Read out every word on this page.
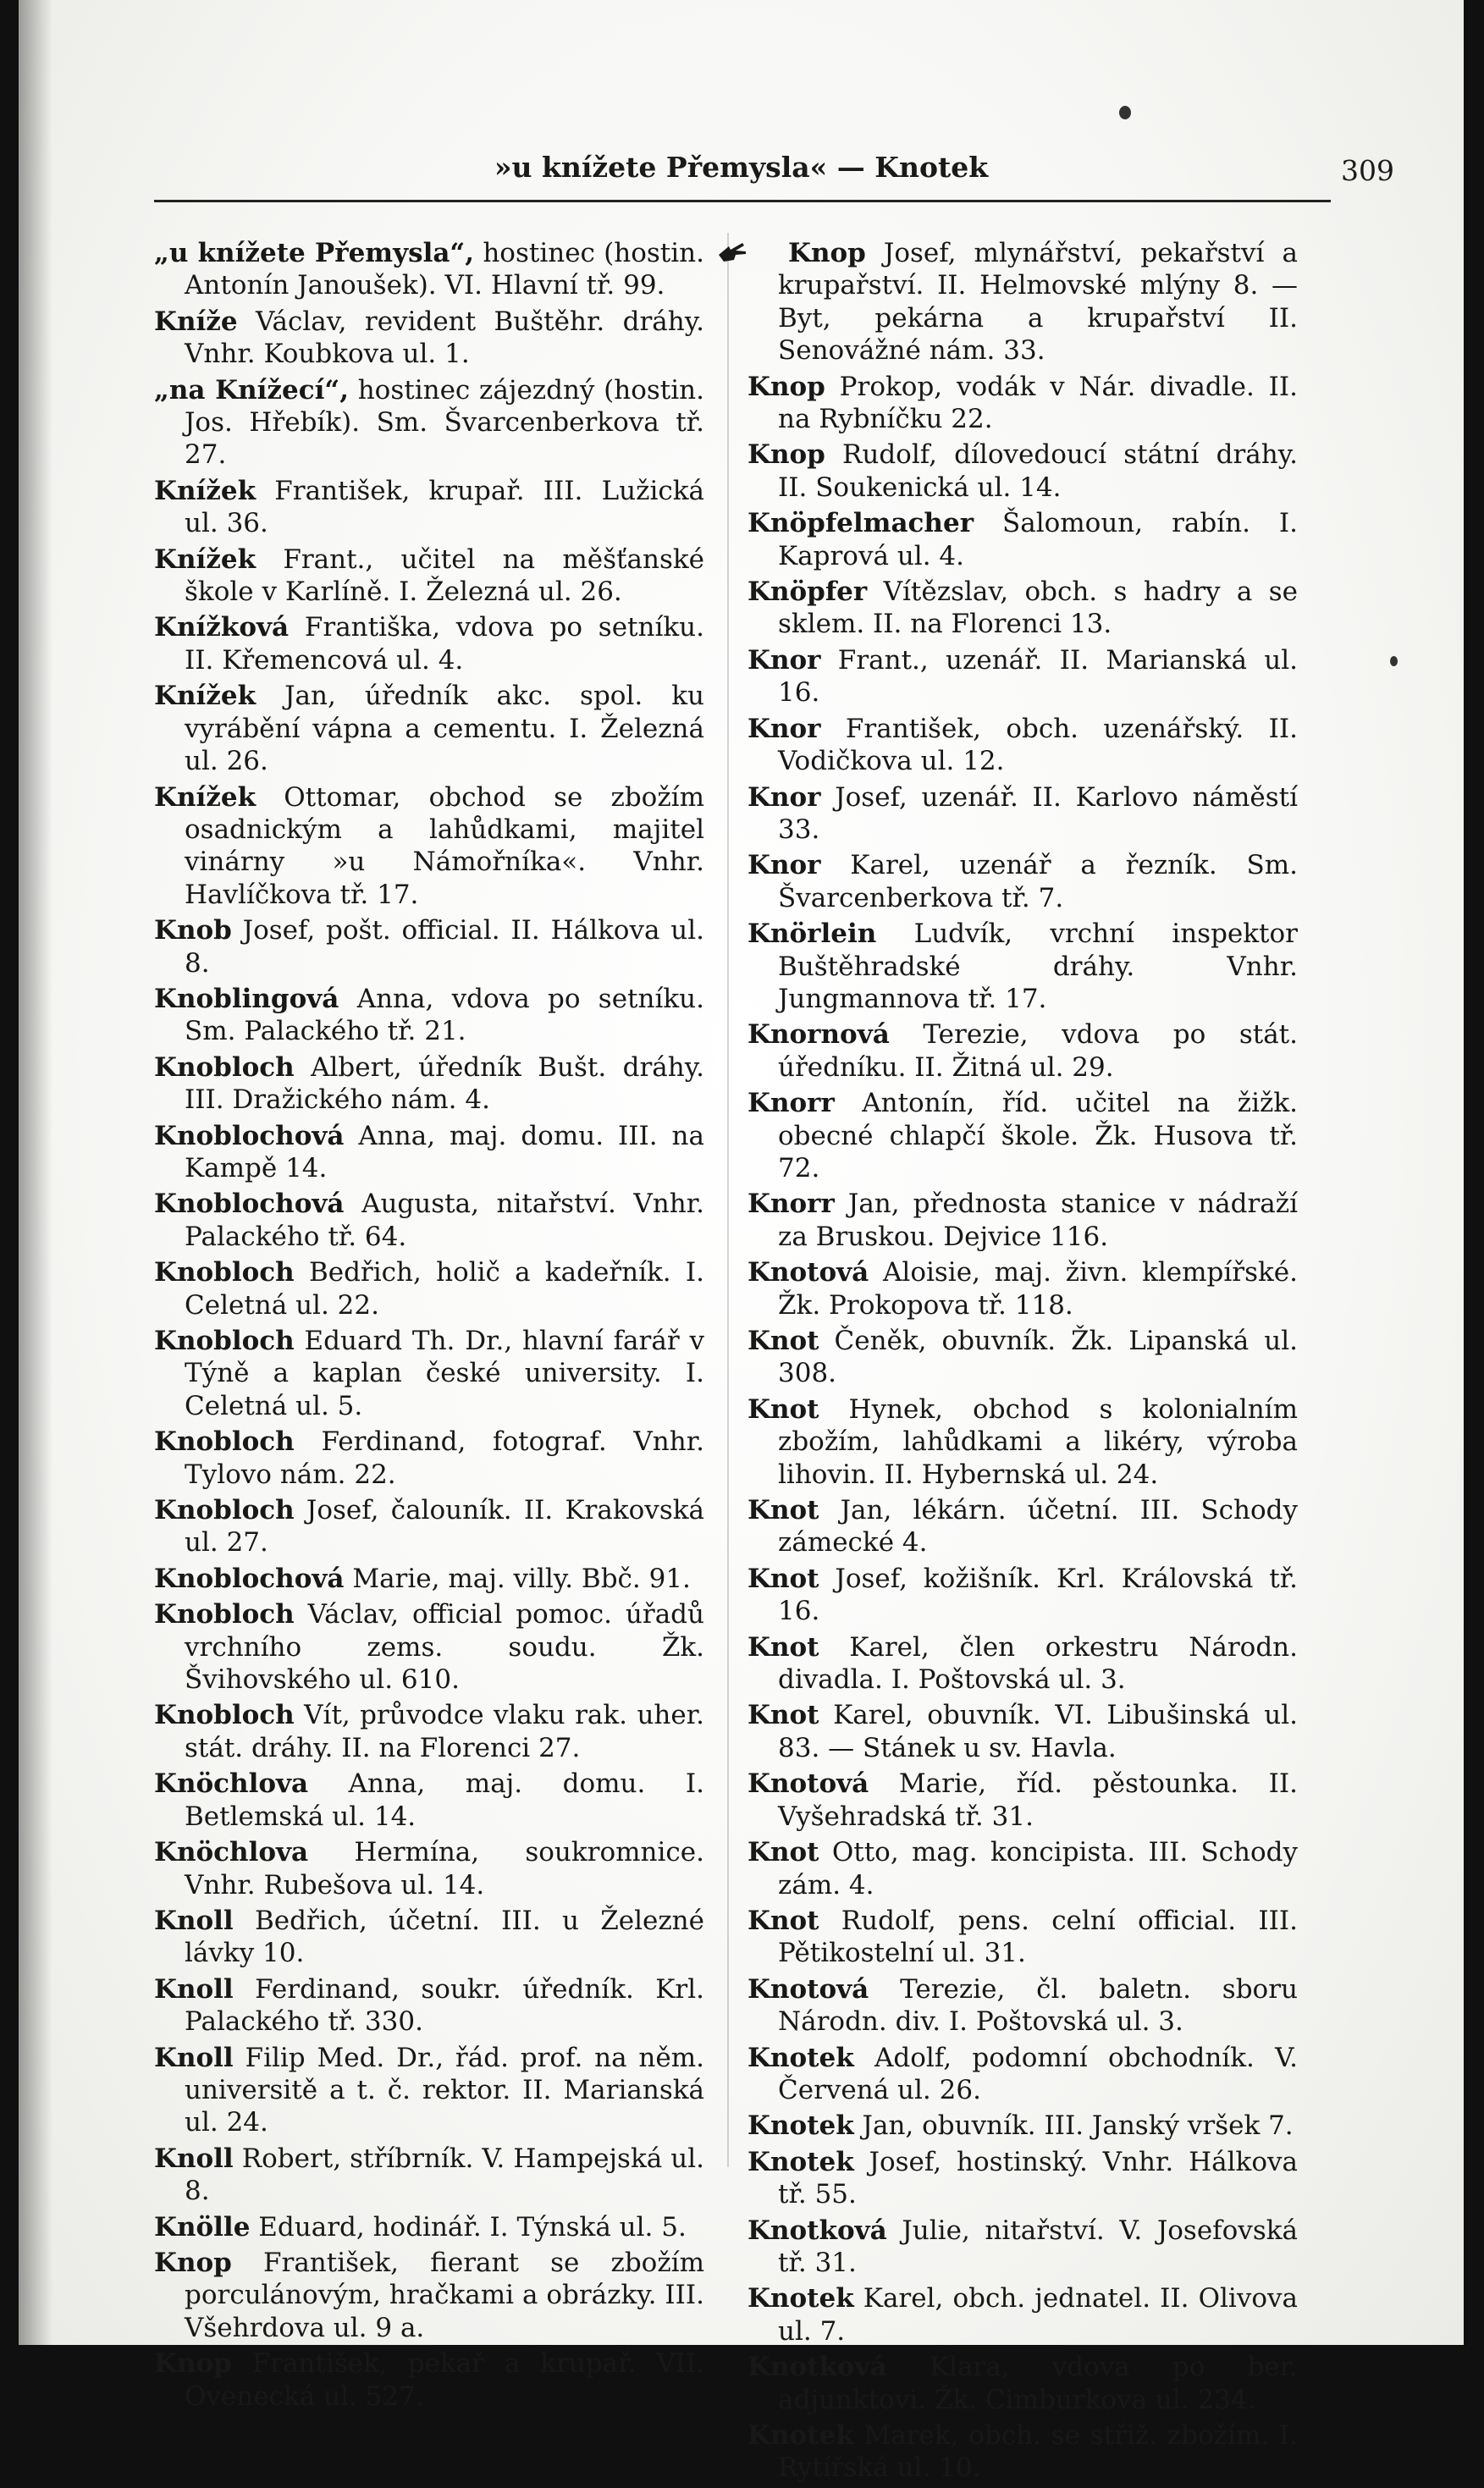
»u knížete Přemysla« — Knotek	309
„u knížete Přemysla“, hostinec (hostin. Antonín Janoušek). VI. Hlavní tř. 99.
Kníže Václav, revident Buštěhr. dráhy. Vnhr. Koubkova ul. 1.
„na Knížecí“, hostinec zájezdný (hostin. Jos. Hřebík). Sm. Švarcenberkova tř. 27.
Knížek František, krupař. III. Lužická ul. 36.
Knížek Frant., učitel na měšťanské škole v Karlíně. I. Železná ul. 26.
Knížková Františka, vdova po setníku. II. Křemencová ul. 4.
Knížek Jan, úředník akc. spol. ku vyrábění vápna a cementu. I. Železná ul. 26.
Knížek Ottomar, obchod se zbožím osadnickým a lahůdkami, majitel vinárny »u Námořníka«. Vnhr. Havlíčkova tř. 17.
Knob Josef, pošt. official. II. Hálkova ul. 8.
Knoblingová Anna, vdova po setníku. Sm. Palackého tř. 21.
Knobloch Albert, úředník Bušt. dráhy. III. Dražického nám. 4.
Knoblochová Anna, maj. domu. III. na Kampě 14.
Knoblochová Augusta, nitařství. Vnhr. Palackého tř. 64.
Knobloch Bedřich, holič a kadeřník. I. Celetná ul. 22.
Knobloch Eduard Th. Dr., hlavní farář v Týně a kaplan české university. I. Celetná ul. 5.
Knobloch Ferdinand, fotograf. Vnhr. Tylovo nám. 22.
Knobloch Josef, čalouník. II. Krakovská ul. 27.
Knoblochová Marie, maj. villy. Bbč. 91.
Knobloch Václav, official pomoc. úřadů vrchního zems. soudu. Žk. Švihovského ul. 610.
Knobloch Vít, průvodce vlaku rak. uher. stát. dráhy. II. na Florenci 27.
Knöchlova Anna, maj. domu. I. Betlemská ul. 14.
Knöchlova Hermína, soukromnice. Vnhr. Rubešova ul. 14.
Knoll Bedřich, účetní. III. u Železné lávky 10.
Knoll Ferdinand, soukr. úředník. Krl. Palackého tř. 330.
Knoll Filip Med. Dr., řád. prof. na něm. universitě a t. č. rektor. II. Marianská ul. 24.
Knoll Robert, stříbrník. V. Hampejská ul. 8.
Knölle Eduard, hodinář. I. Týnská ul. 5.
Knop František, fierant se zbožím porculánovým, hračkami a obrázky. III. Všehrdova ul. 9 a.
Knop František, pekař a krupař. VII. Ovenecká ul. 527.
Knop Josef, mlynářství, pekařství a krupařství. II. Helmovské mlýny 8. — Byt, pekárna a krupařství II. Senovážné nám. 33.
Knop Prokop, vodák v Nár. divadle. II. na Rybníčku 22.
Knop Rudolf, dílovedoucí státní dráhy. II. Soukenická ul. 14.
Knöpfelmacher Šalomoun, rabín. I. Kaprová ul. 4.
Knöpfer Vítězslav, obch. s hadry a se sklem. II. na Florenci 13.
Knor Frant., uzenář. II. Marianská ul. 16.
Knor František, obch. uzenářský. II. Vodičkova ul. 12.
Knor Josef, uzenář. II. Karlovo náměstí 33.
Knor Karel, uzenář a řezník. Sm. Švarcenberkova tř. 7.
Knörlein Ludvík, vrchní inspektor Buštěhradské dráhy. Vnhr. Jungmannova tř. 17.
Knornová Terezie, vdova po stát. úředníku. II. Žitná ul. 29.
Knorr Antonín, říd. učitel na žižk. obecné chlapčí škole. Žk. Husova tř. 72.
Knorr Jan, přednosta stanice v nádraží za Bruskou. Dejvice 116.
Knotová Aloisie, maj. živn. klempířské. Žk. Prokopova tř. 118.
Knot Čeněk, obuvník. Žk. Lipanská ul. 308.
Knot Hynek, obchod s kolonialním zbožím, lahůdkami a likéry, výroba lihovin. II. Hybernská ul. 24.
Knot Jan, lékárn. účetní. III. Schody zámecké 4.
Knot Josef, kožišník. Krl. Královská tř. 16.
Knot Karel, člen orkestru Národn. divadla. I. Poštovská ul. 3.
Knot Karel, obuvník. VI. Libušinská ul. 83. — Stánek u sv. Havla.
Knotová Marie, říd. pěstounka. II. Vyšehradská tř. 31.
Knot Otto, mag. koncipista. III. Schody zám. 4.
Knot Rudolf, pens. celní official. III. Pětikostelní ul. 31.
Knotová Terezie, čl. baletn. sboru Národn. div. I. Poštovská ul. 3.
Knotek Adolf, podomní obchodník. V. Červená ul. 26.
Knotek Jan, obuvník. III. Janský vršek 7.
Knotek Josef, hostinský. Vnhr. Hálkova tř. 55.
Knotková Julie, nitařství. V. Josefovská tř. 31.
Knotek Karel, obch. jednatel. II. Olivova ul. 7.
Knotková Klara, vdova po ber. adjunktovi. Žk. Cimburkova ul. 234.
Knotek Marek, obch. se střiž. zbožím. I. Rytířská ul. 10.
